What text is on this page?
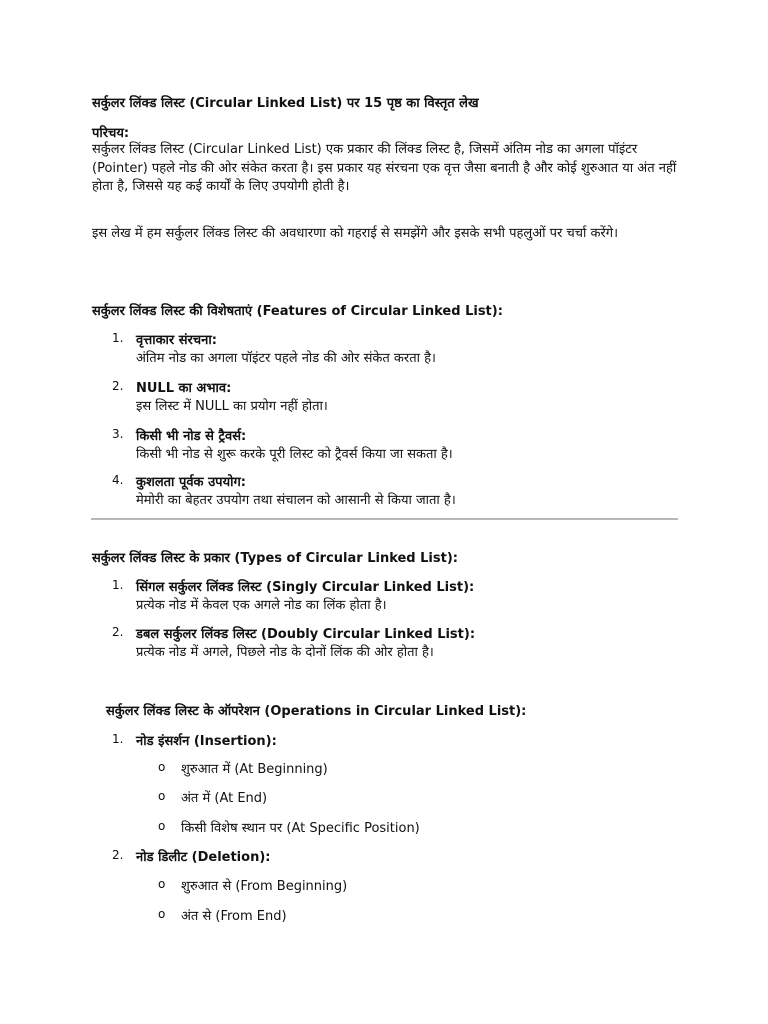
सर्कुलर लिंक्ड लिस्ट (Circular Linked List) पर 15 पृष्ठ का विस्तृत लेख

परिचय:

सर्कुलर लिंक्ड लिस्ट (Circular Linked List) एक प्रकार की लिंक्ड लिस्ट है, जिसमें अंतिम नोड का अगला पॉइंटर (Pointer) पहले नोड की ओर संकेत करता है। इस प्रकार यह संरचना एक वृत्त जैसा बनाती है और कोई शुरुआत या अंत नहीं होता है, जिससे यह कई कार्यों के लिए उपयोगी होती है।

इस लेख में हम सर्कुलर लिंक्ड लिस्ट की अवधारणा को गहराई से समझेंगे और इसके सभी पहलुओं पर चर्चा करेंगे।

सर्कुलर लिंक्ड लिस्ट की विशेषताएं (Features of Circular Linked List):

1. वृत्ताकार संरचना:
अंतिम नोड का अगला पॉइंटर पहले नोड की ओर संकेत करता है।
2. NULL का अभाव:
इस लिस्ट में NULL का प्रयोग नहीं होता।
3. किसी भी नोड से ट्रैवर्स:
किसी भी नोड से शुरू करके पूरी लिस्ट को ट्रैवर्स किया जा सकता है।
4. कुशलता पूर्वक उपयोग:
मेमोरी का बेहतर उपयोग तथा संचालन को आसानी से किया जाता है।

सर्कुलर लिंक्ड लिस्ट के प्रकार (Types of Circular Linked List):

1. सिंगल सर्कुलर लिंक्ड लिस्ट (Singly Circular Linked List):
प्रत्येक नोड में केवल एक अगले नोड का लिंक होता है।
2. डबल सर्कुलर लिंक्ड लिस्ट (Doubly Circular Linked List):
प्रत्येक नोड में अगले, पिछले नोड के दोनों लिंक की ओर होता है।

सर्कुलर लिंक्ड लिस्ट के ऑपरेशन (Operations in Circular Linked List):

1. नोड इंसर्शन (Insertion):
o शुरुआत में (At Beginning)
o अंत में (At End)
o किसी विशेष स्थान पर (At Specific Position)
2. नोड डिलीट (Deletion):
o शुरुआत से (From Beginning)
o अंत से (From End)
